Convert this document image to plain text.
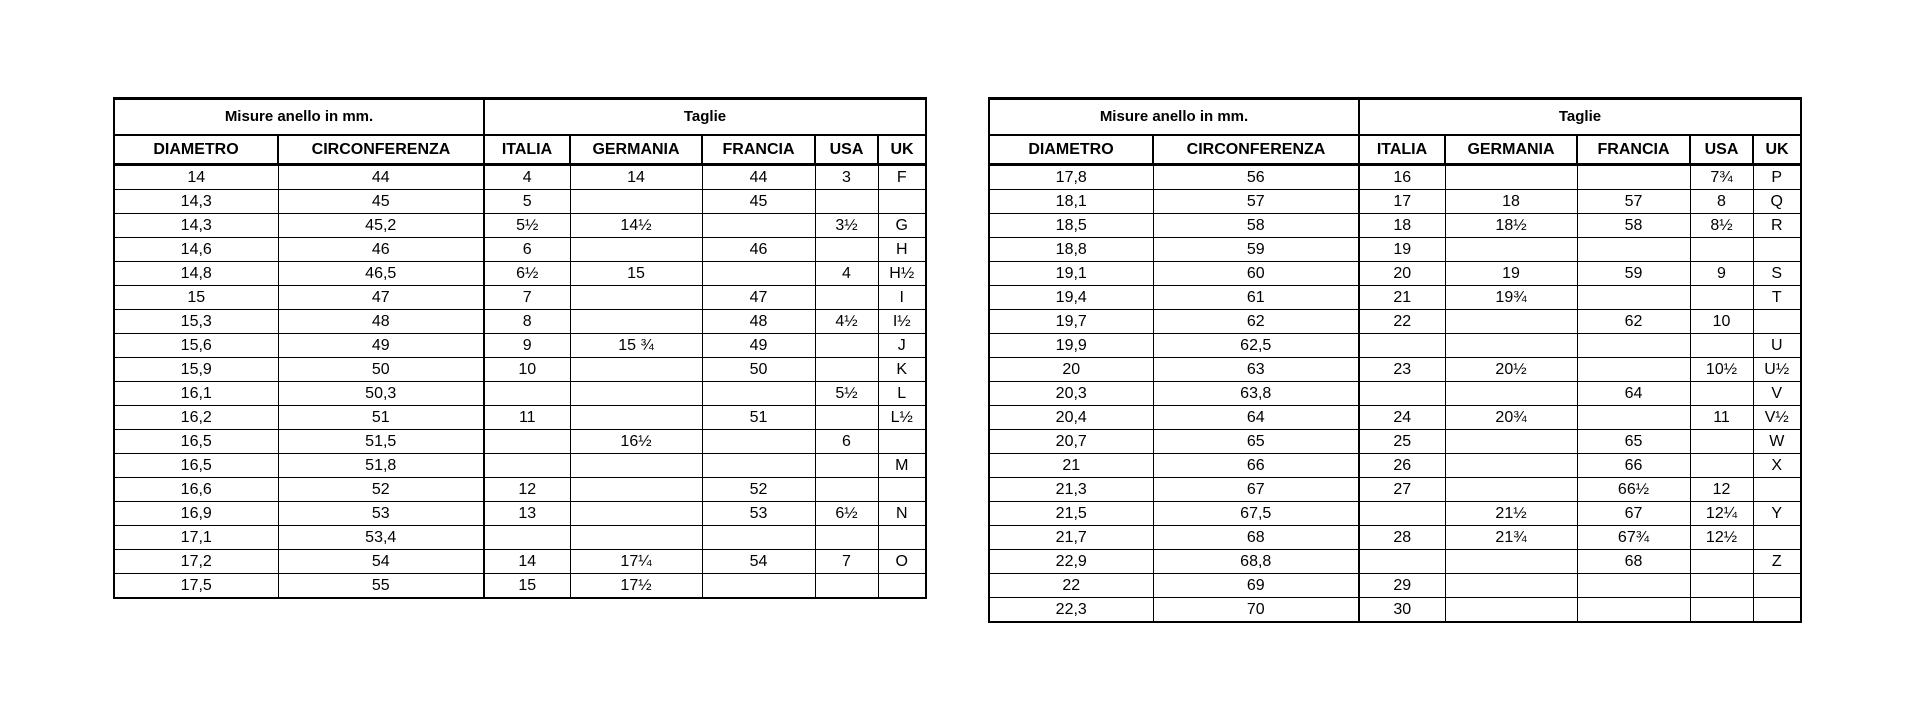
Misure anello in mm.		Taglie				
DIAMETRO	CIRCONFERENZA	ITALIA	GERMANIA	FRANCIA	USA	UK
14	44	4	14	44	3	F
14,3	45	5		45		
14,3	45,2	5½	14½		3½	G
14,6	46	6		46		H
14,8	46,5	6½	15		4	H½
15	47	7		47		I
15,3	48	8		48	4½	I½
15,6	49	9	15 ¾	49		J
15,9	50	10		50		K
16,1	50,3				5½	L
16,2	51	11		51		L½
16,5	51,5		16½		6	
16,5	51,8					M
16,6	52	12		52		
16,9	53	13		53	6½	N
17,1	53,4					
17,2	54	14	17¼	54	7	O
17,5	55	15	17½			
Misure anello in mm.		Taglie				
DIAMETRO	CIRCONFERENZA	ITALIA	GERMANIA	FRANCIA	USA	UK
17,8	56	16			7¾	P
18,1	57	17	18	57	8	Q
18,5	58	18	18½	58	8½	R
18,8	59	19				
19,1	60	20	19	59	9	S
19,4	61	21	19¾			T
19,7	62	22		62	10	
19,9	62,5					U
20	63	23	20½		10½	U½
20,3	63,8			64		V
20,4	64	24	20¾		11	V½
20,7	65	25		65		W
21	66	26		66		X
21,3	67	27		66½	12	
21,5	67,5		21½	67	12¼	Y
21,7	68	28	21¾	67¾	12½	
22,9	68,8			68		Z
22	69	29				
22,3	70	30				
